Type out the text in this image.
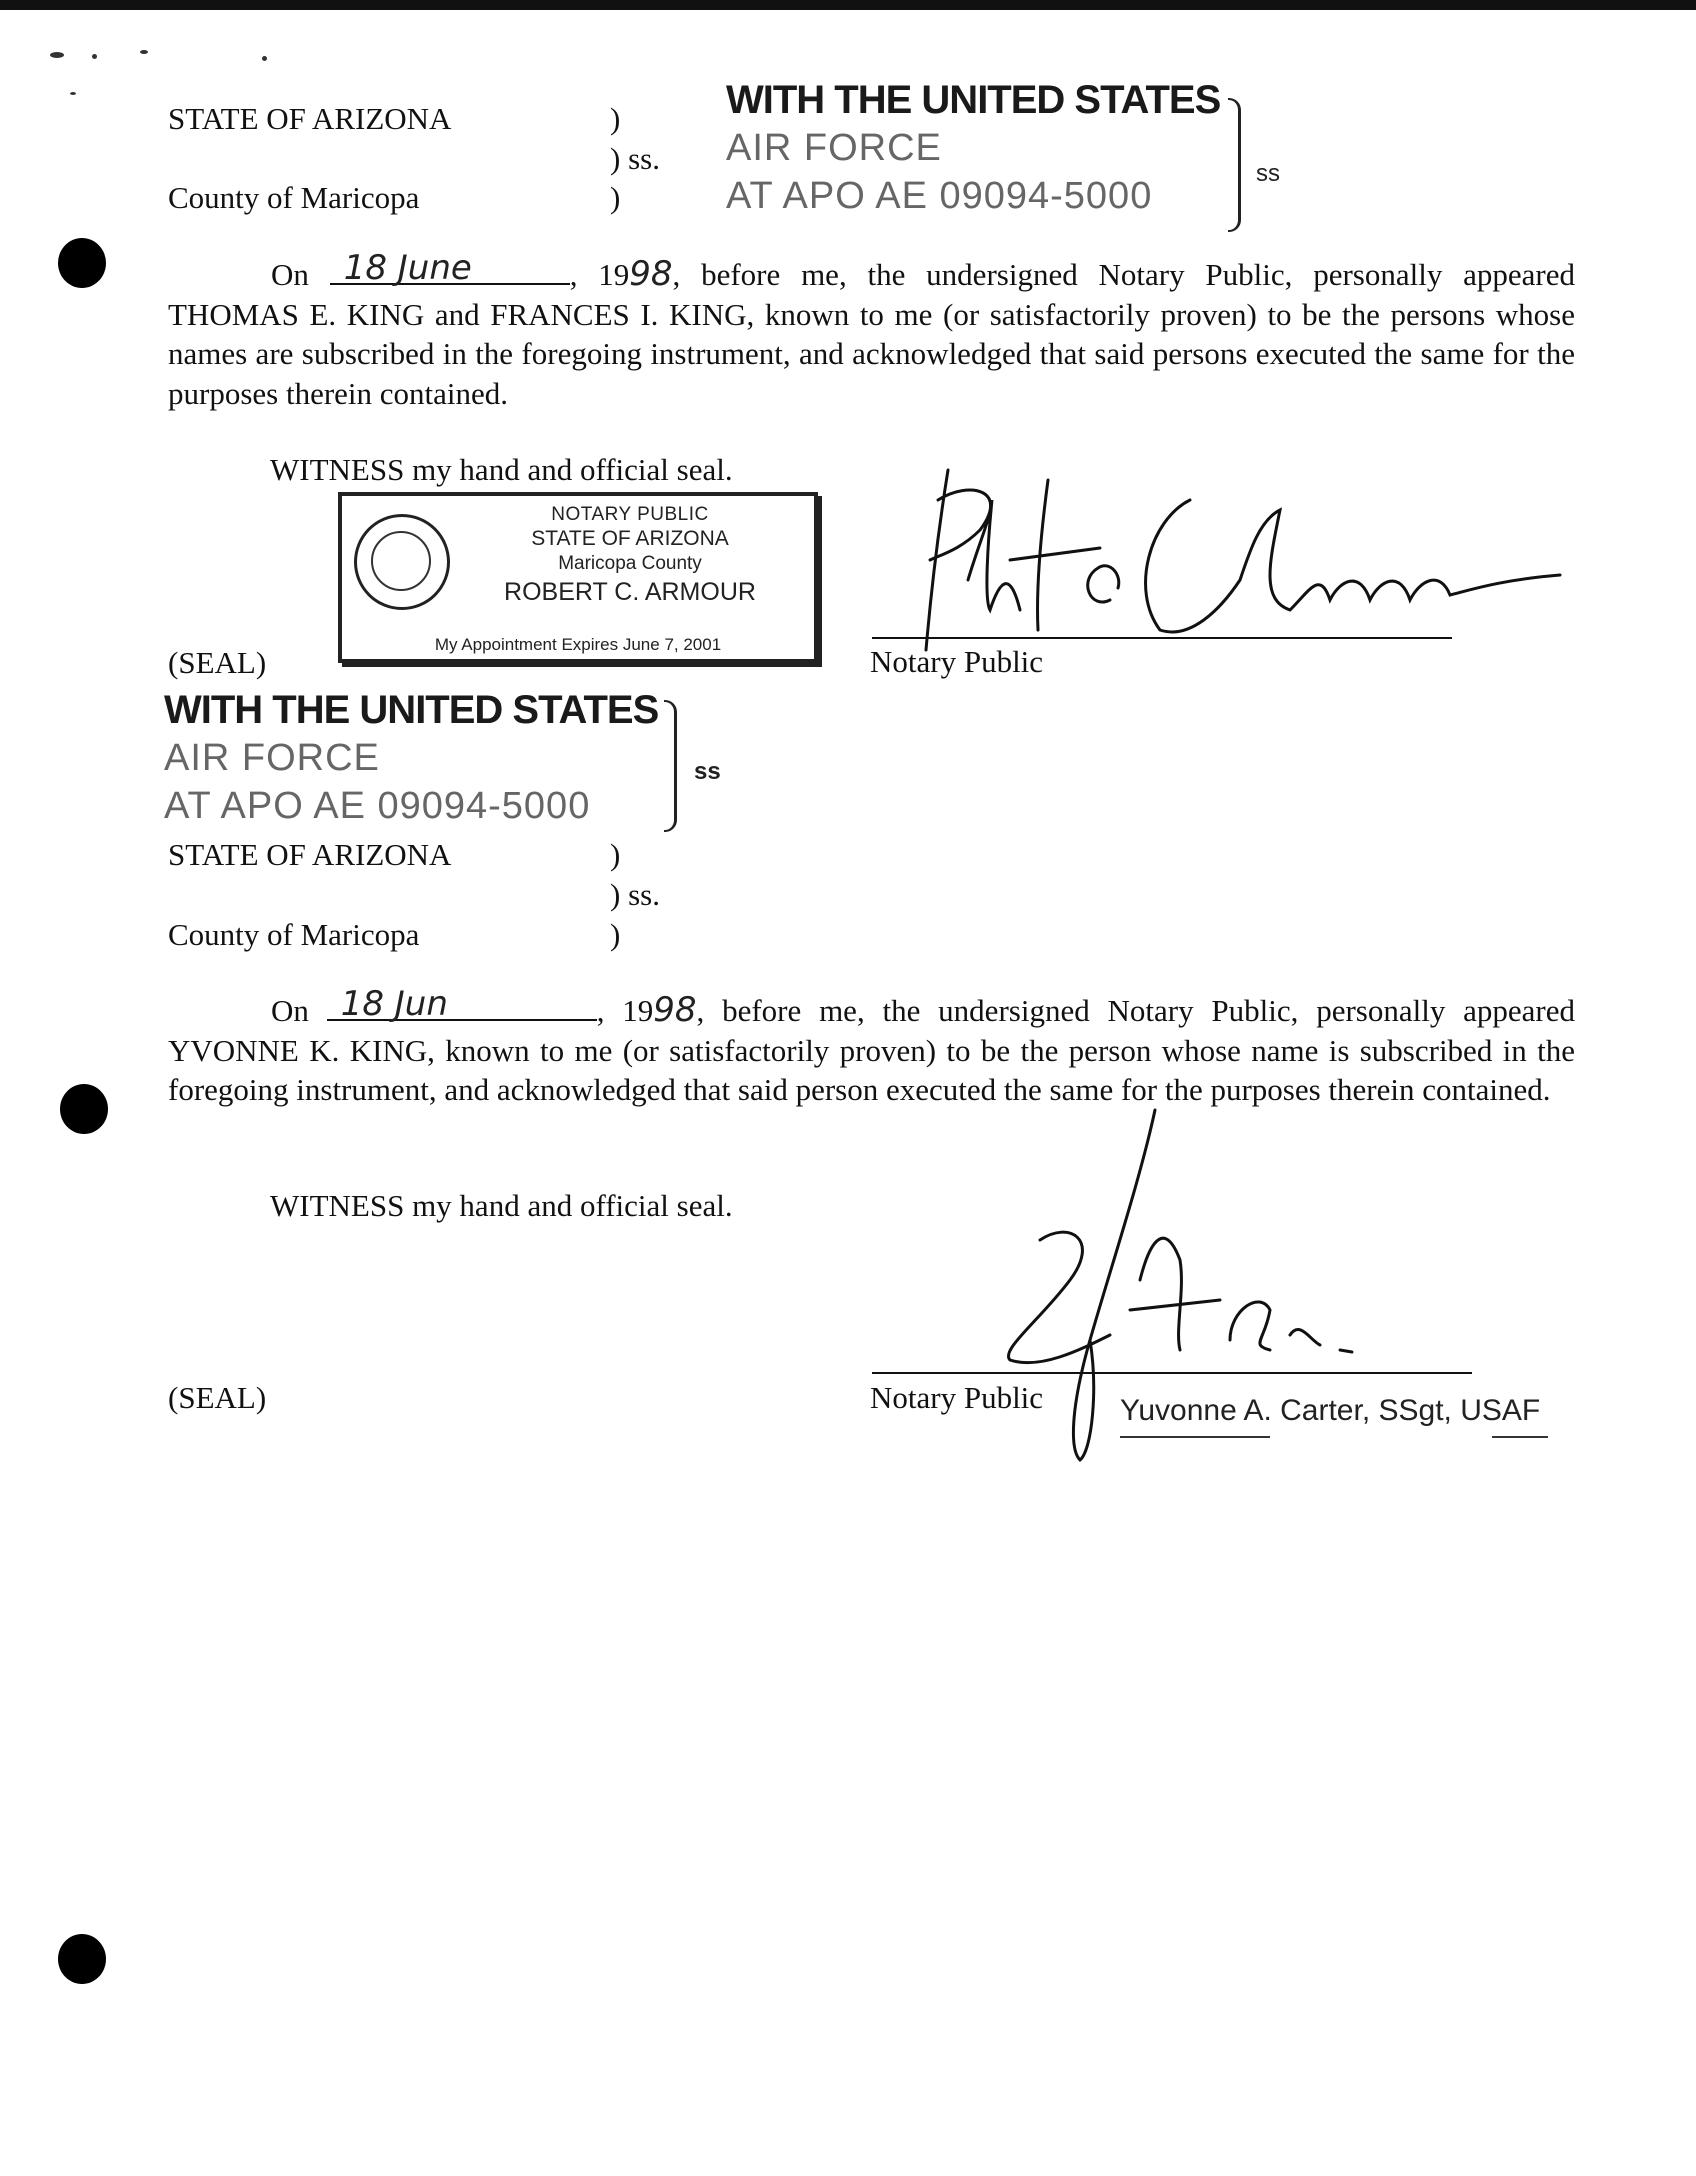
STATE OF ARIZONA	)
) ss.
County of Maricopa	)
WITH THE UNITED STATES
AIR FORCE
AT APO AE 09094-5000
ss
On 18 June	, 1998, before me, the undersigned Notary Public, personally appeared THOMAS E. KING and FRANCES I. KING, known to me (or satisfactorily proven) to be the persons whose names are subscribed in the foregoing instrument, and acknowledged that said persons executed the same for the purposes therein contained.
WITNESS my hand and official seal.
NOTARY PUBLIC
STATE OF ARIZONA
Maricopa County
ROBERT C. ARMOUR
My Appointment Expires June 7, 2001	Notary Public
(SEAL)
WITH THE UNITED STATES
AIR FORCE
AT APO AE 09094-5000
ss
STATE OF ARIZONA	)
) ss.
County of Maricopa	)
On 18 Jun	, 1998, before me, the undersigned Notary Public, personally appeared YVONNE K. KING, known to me (or satisfactorily proven) to be the person whose name is subscribed in the foregoing instrument, and acknowledged that said person executed the same for the purposes therein contained.
WITNESS my hand and official seal.
Notary Public
(SEAL)	Yuvonne A. Carter, SSgt, USAF
